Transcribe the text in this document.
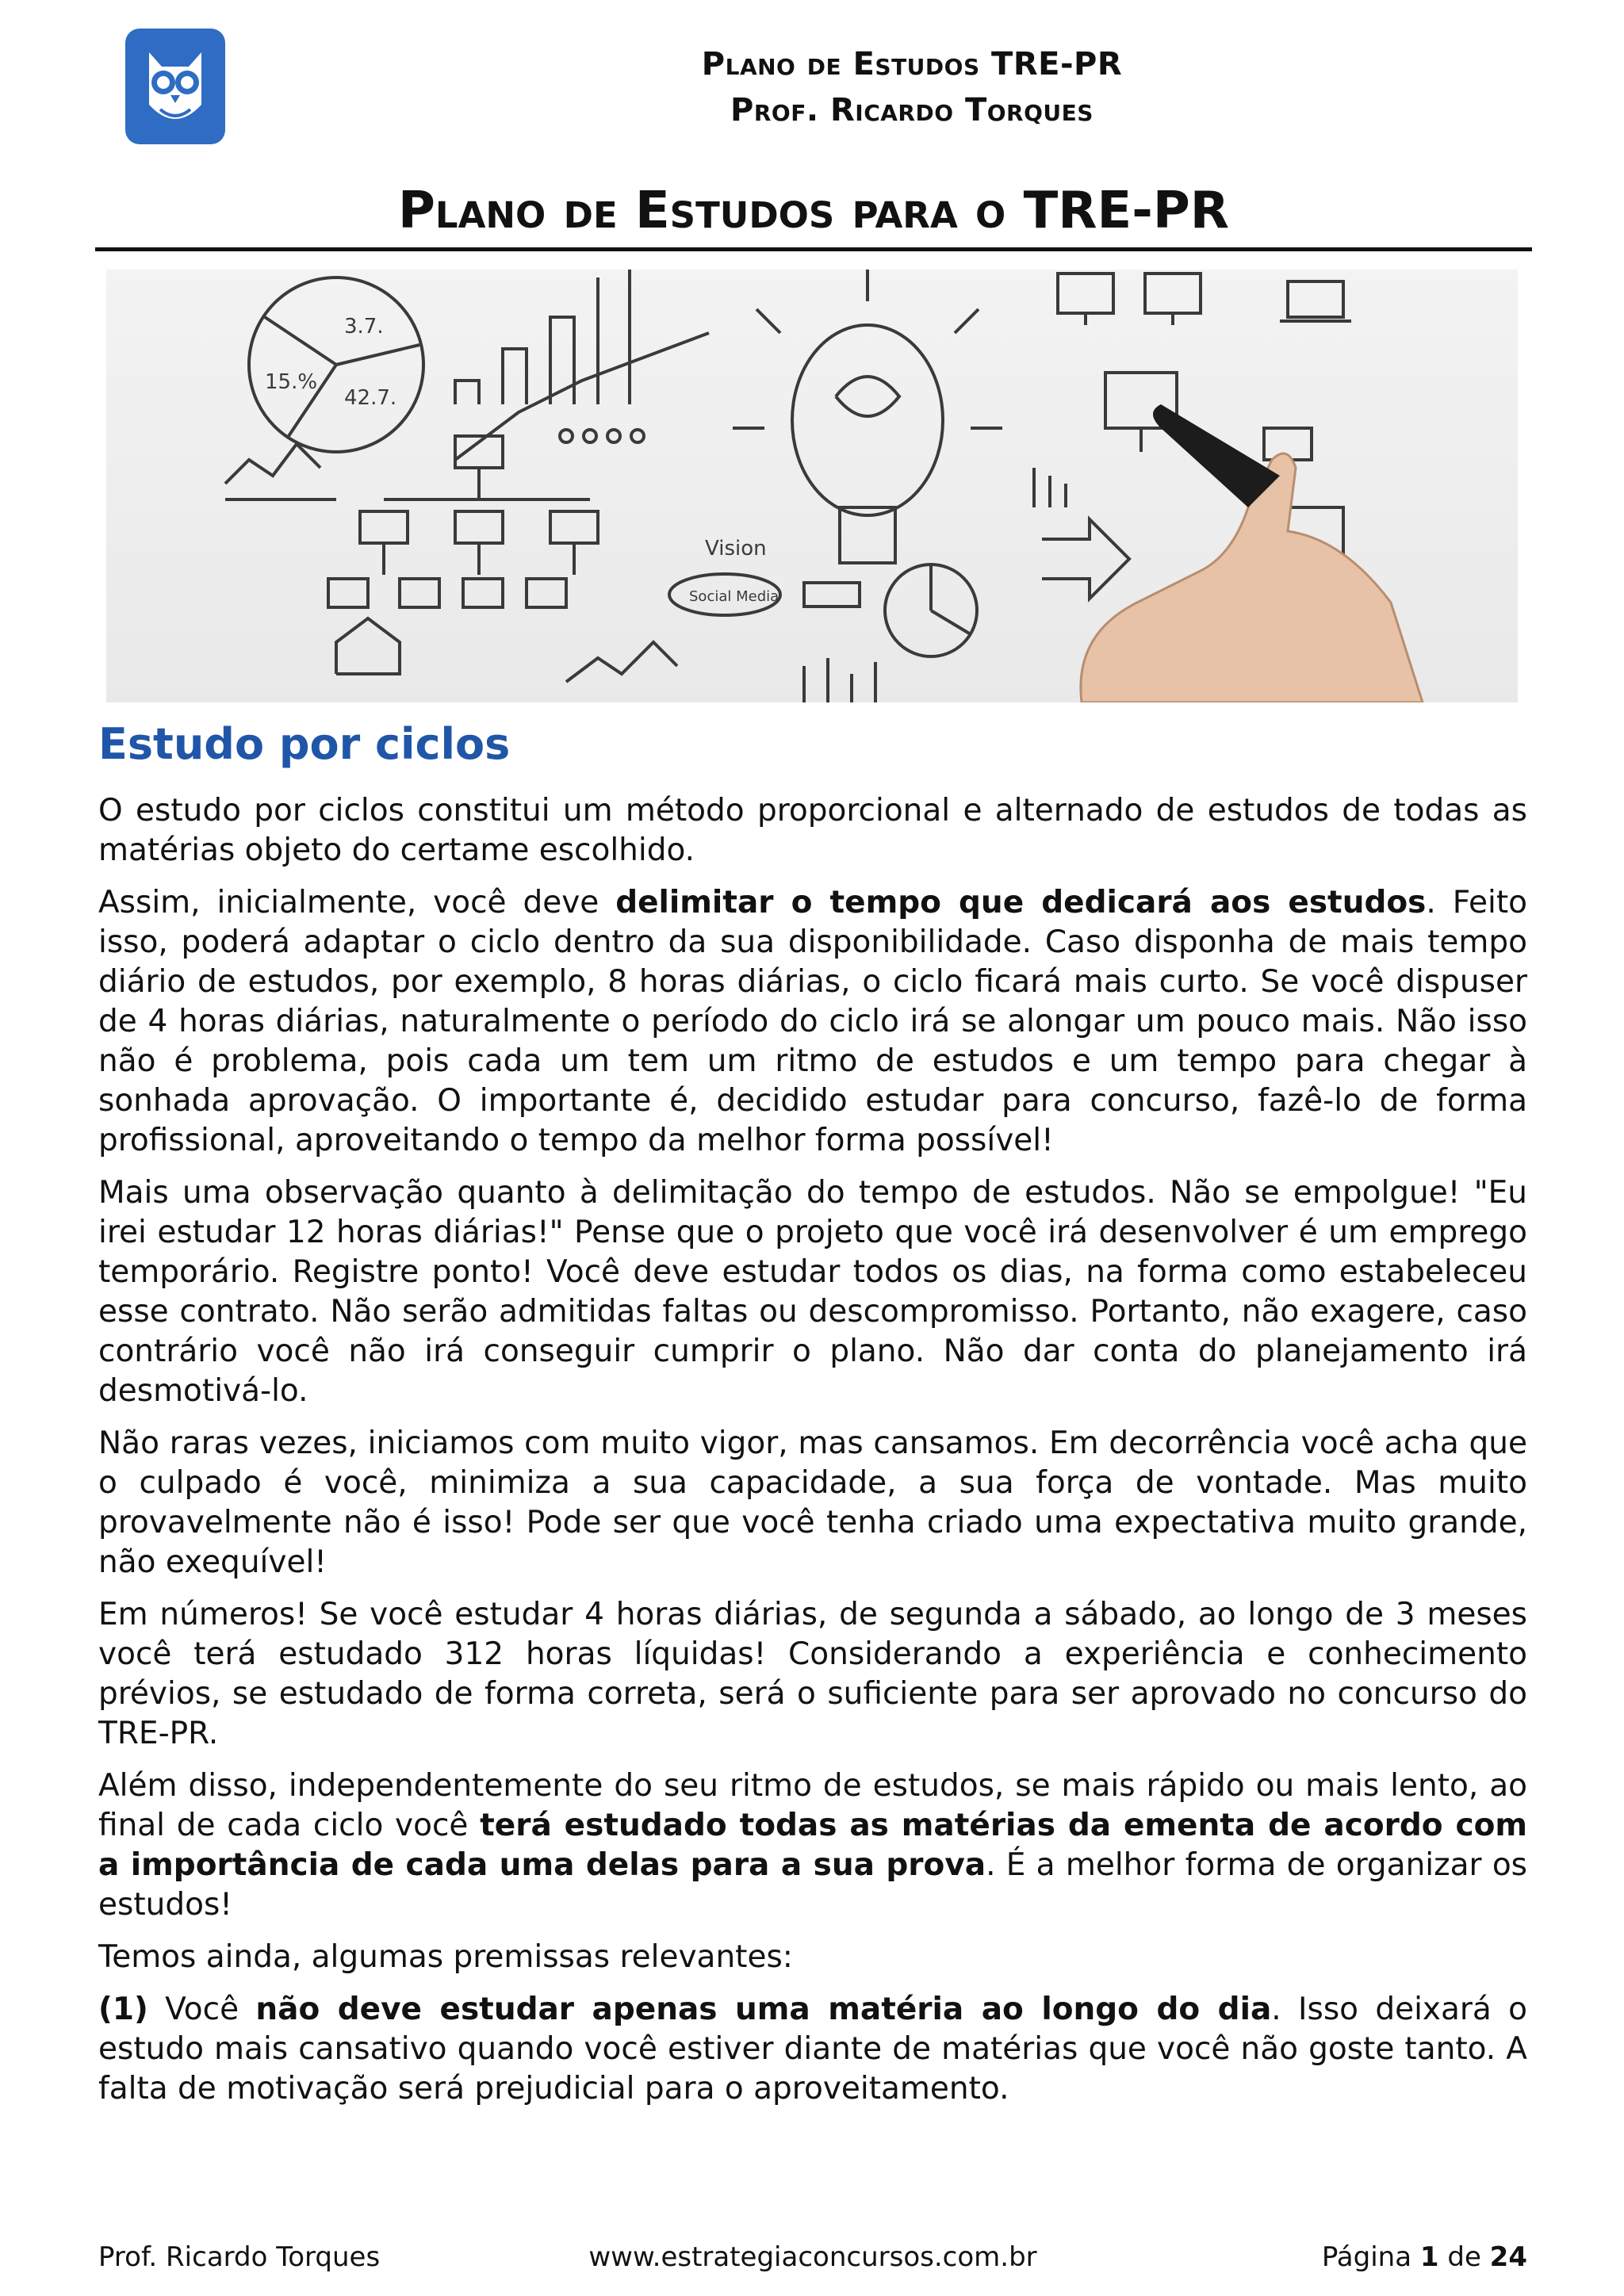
Plano de Estudos TRE-PR
Prof. Ricardo Torques
Plano de Estudos para o TRE-PR
15.%
3.7.
42.7.
Vision
Social Media
Estudo por ciclos

O estudo por ciclos constitui um método proporcional e alternado de estudos de todas as matérias objeto do certame escolhido.

Assim, inicialmente, você deve delimitar o tempo que dedicará aos estudos. Feito isso, poderá adaptar o ciclo dentro da sua disponibilidade. Caso disponha de mais tempo diário de estudos, por exemplo, 8 horas diárias, o ciclo ficará mais curto. Se você dispuser de 4 horas diárias, naturalmente o período do ciclo irá se alongar um pouco mais. Não isso não é problema, pois cada um tem um ritmo de estudos e um tempo para chegar à sonhada aprovação. O importante é, decidido estudar para concurso, fazê-lo de forma profissional, aproveitando o tempo da melhor forma possível!

Mais uma observação quanto à delimitação do tempo de estudos. Não se empolgue! "Eu irei estudar 12 horas diárias!" Pense que o projeto que você irá desenvolver é um emprego temporário. Registre ponto! Você deve estudar todos os dias, na forma como estabeleceu esse contrato. Não serão admitidas faltas ou descompromisso. Portanto, não exagere, caso contrário você não irá conseguir cumprir o plano. Não dar conta do planejamento irá desmotivá-lo.

Não raras vezes, iniciamos com muito vigor, mas cansamos. Em decorrência você acha que o culpado é você, minimiza a sua capacidade, a sua força de vontade. Mas muito provavelmente não é isso! Pode ser que você tenha criado uma expectativa muito grande, não exequível!

Em números! Se você estudar 4 horas diárias, de segunda a sábado, ao longo de 3 meses você terá estudado 312 horas líquidas! Considerando a experiência e conhecimento prévios, se estudado de forma correta, será o suficiente para ser aprovado no concurso do TRE-PR.

Além disso, independentemente do seu ritmo de estudos, se mais rápido ou mais lento, ao final de cada ciclo você terá estudado todas as matérias da ementa de acordo com a importância de cada uma delas para a sua prova. É a melhor forma de organizar os estudos!

Temos ainda, algumas premissas relevantes:

(1) Você não deve estudar apenas uma matéria ao longo do dia. Isso deixará o estudo mais cansativo quando você estiver diante de matérias que você não goste tanto. A falta de motivação será prejudicial para o aproveitamento.

Prof. Ricardo Torques	www.estrategiaconcursos.com.br	Página 1 de 24
